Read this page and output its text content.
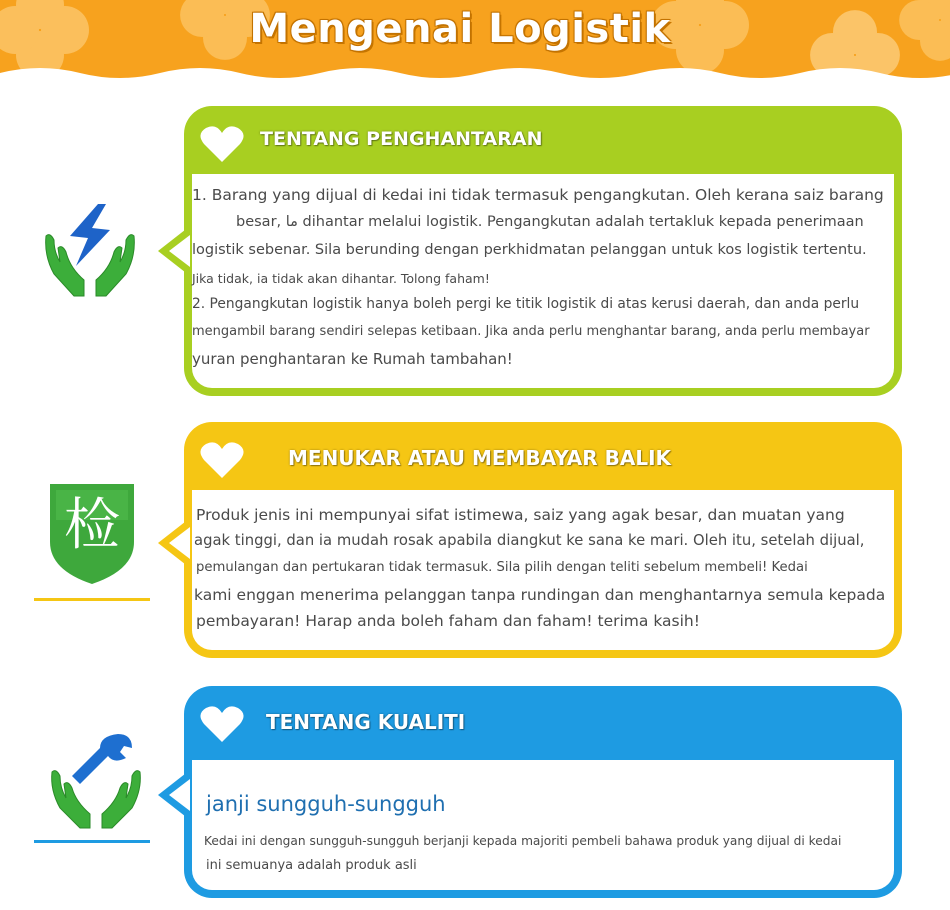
Mengenai Logistik
TENTANG PENGHANTARAN

1. Barang yang dijual di kedai ini tidak termasuk pengangkutan. Oleh kerana saiz barang

besar, ﻣﺎ dihantar melalui logistik. Pengangkutan adalah tertakluk kepada penerimaan

logistik sebenar. Sila berunding dengan perkhidmatan pelanggan untuk kos logistik tertentu.

Jika tidak, ia tidak akan dihantar. Tolong faham!

2. Pengangkutan logistik hanya boleh pergi ke titik logistik di atas kerusi daerah, dan anda perlu

mengambil barang sendiri selepas ketibaan. Jika anda perlu menghantar barang, anda perlu membayar

yuran penghantaran ke Rumah tambahan!

检
MENUKAR ATAU MEMBAYAR BALIK

Produk jenis ini mempunyai sifat istimewa, saiz yang agak besar, dan muatan yang

agak tinggi, dan ia mudah rosak apabila diangkut ke sana ke mari. Oleh itu, setelah dijual,

pemulangan dan pertukaran tidak termasuk. Sila pilih dengan teliti sebelum membeli! Kedai

kami enggan menerima pelanggan tanpa rundingan dan menghantarnya semula kepada

pembayaran! Harap anda boleh faham dan faham! terima kasih!

TENTANG KUALITI

janji sungguh-sungguh

Kedai ini dengan sungguh-sungguh berjanji kepada majoriti pembeli bahawa produk yang dijual di kedai

ini semuanya adalah produk asli
